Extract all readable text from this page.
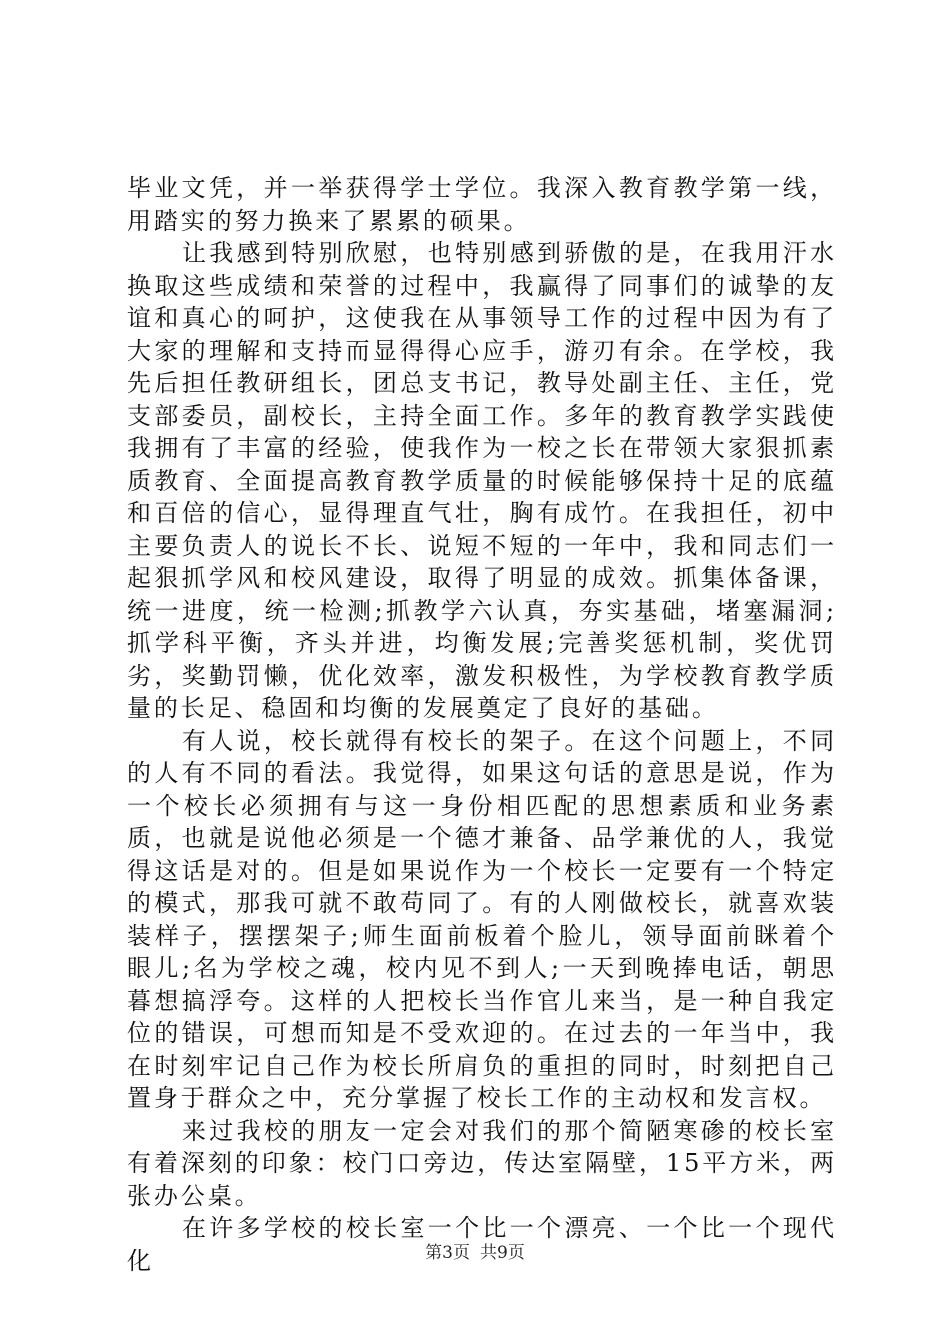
毕业文凭，并一举获得学士学位。我深入教育教学第一线，用踏实的努力换来了累累的硕果。

让我感到特别欣慰，也特别感到骄傲的是，在我用汗水换取这些成绩和荣誉的过程中，我赢得了同事们的诚挚的友谊和真心的呵护，这使我在从事领导工作的过程中因为有了大家的理解和支持而显得得心应手，游刃有余。在学校，我先后担任教研组长，团总支书记，教导处副主任、主任，党支部委员，副校长，主持全面工作。多年的教育教学实践使我拥有了丰富的经验，使我作为一校之长在带领大家狠抓素质教育、全面提高教育教学质量的时候能够保持十足的底蕴和百倍的信心，显得理直气壮，胸有成竹。在我担任，初中主要负责人的说长不长、说短不短的一年中，我和同志们一起狠抓学风和校风建设，取得了明显的成效。抓集体备课，统一进度，统一检测;抓教学六认真，夯实基础，堵塞漏洞;抓学科平衡，齐头并进，均衡发展;完善奖惩机制，奖优罚劣，奖勤罚懒，优化效率，激发积极性，为学校教育教学质量的长足、稳固和均衡的发展奠定了良好的基础。

有人说，校长就得有校长的架子。在这个问题上，不同的人有不同的看法。我觉得，如果这句话的意思是说，作为一个校长必须拥有与这一身份相匹配的思想素质和业务素质，也就是说他必须是一个德才兼备、品学兼优的人，我觉得这话是对的。但是如果说作为一个校长一定要有一个特定的模式，那我可就不敢苟同了。有的人刚做校长，就喜欢装装样子，摆摆架子;师生面前板着个脸儿，领导面前眯着个眼儿;名为学校之魂，校内见不到人;一天到晚捧电话，朝思暮想搞浮夸。这样的人把校长当作官儿来当，是一种自我定位的错误，可想而知是不受欢迎的。在过去的一年当中，我在时刻牢记自己作为校长所肩负的重担的同时，时刻把自己置身于群众之中，充分掌握了校长工作的主动权和发言权。

来过我校的朋友一定会对我们的那个简陋寒碜的校长室有着深刻的印象：校门口旁边，传达室隔壁，15平方米，两张办公桌。

在许多学校的校长室一个比一个漂亮、一个比一个现代化	第3页 共9页
